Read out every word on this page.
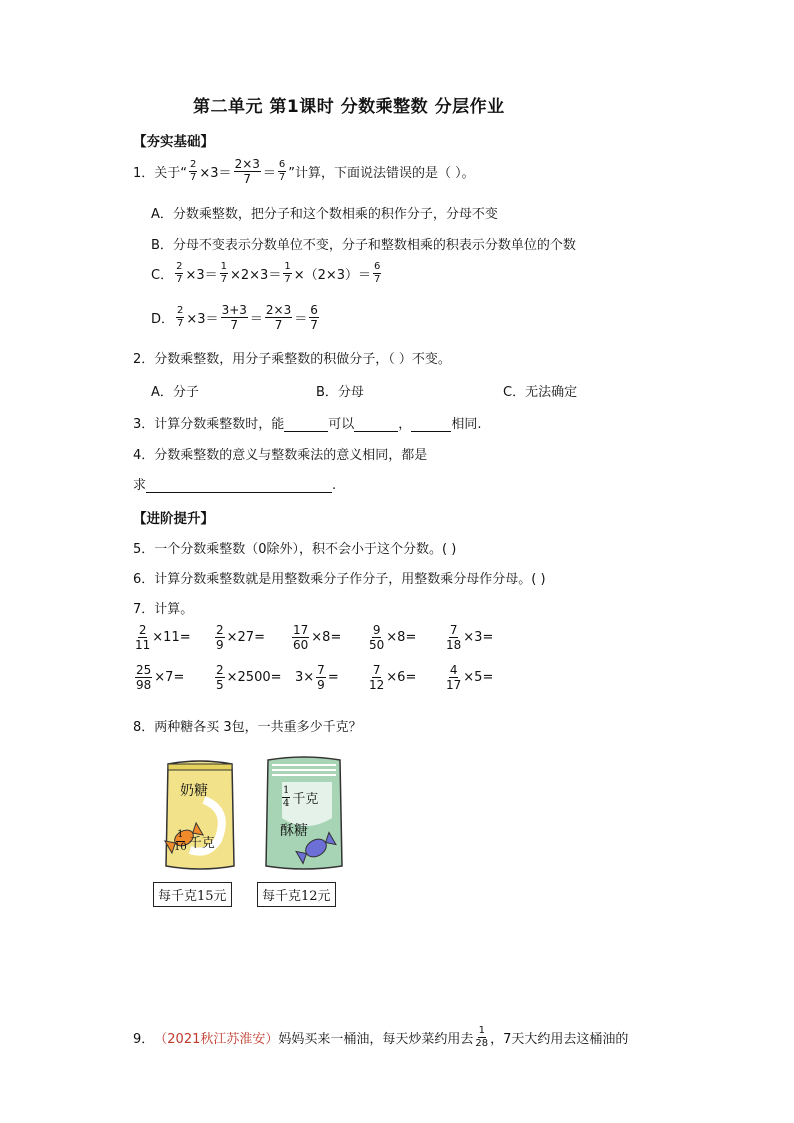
第二单元 第1课时 分数乘整数 分层作业
【夯实基础】
1．关于“ $\frac{2}{7} \times 3= \frac{2\times 3}{7} = \frac{6}{7}$ ”计算，下面说法错误的是（ ）。
A．分数乘整数，把分子和这个数相乘的积作分子，分母不变
B．分母不变表示分数单位不变，分子和整数相乘的积表示分数单位的个数
C． $\frac{2}{7} \times 3= \frac{1}{7} \times 2\times 3= \frac{1}{7} \times(2\times 3)= \frac{6}{7}$
D． $\frac{2}{7} \times 3= \frac{3+3}{7} = \frac{2\times 3}{7} = \frac{6}{7}$
2．分数乘整数，用分子乘整数的积做分子，（ ）不变。
A．分子	B．分母	C．无法确定
3．计算分数乘整数时，能	可以	，	相同.
4．分数乘整数的意义与整数乘法的意义相同，都是
求	.
【进阶提升】
5．一个分数乘整数（0除外），积不会小于这个分数。( )
6．计算分数乘整数就是用整数乘分子作分子，用整数乘分母作分母。( )
7．计算。
$\frac{2}{11} \times 11= \frac{2}{9} \times 27= \frac{17}{60} \times 8= \frac{9}{50} \times 8= \frac{7}{18} \times 3=$
$\frac{25}{98} \times 7=$	$\frac{2}{5} \times 2500= 3\times \frac{7}{9}$ =	$\frac{7}{12} \times 6= \frac{4}{17} \times 5=$
8．两种糖各买 3包，一共重多少千克？
奶糖
$\frac{1}{10}$ 千克
每千克15元
$\frac{1}{4}$ 千克
酥糖
每千克12元
9． （2021秋江苏淮安） 妈妈买来一桶油，每天炒菜约用去 $\frac{1}{28}$ ，7天大约用去这桶油的
